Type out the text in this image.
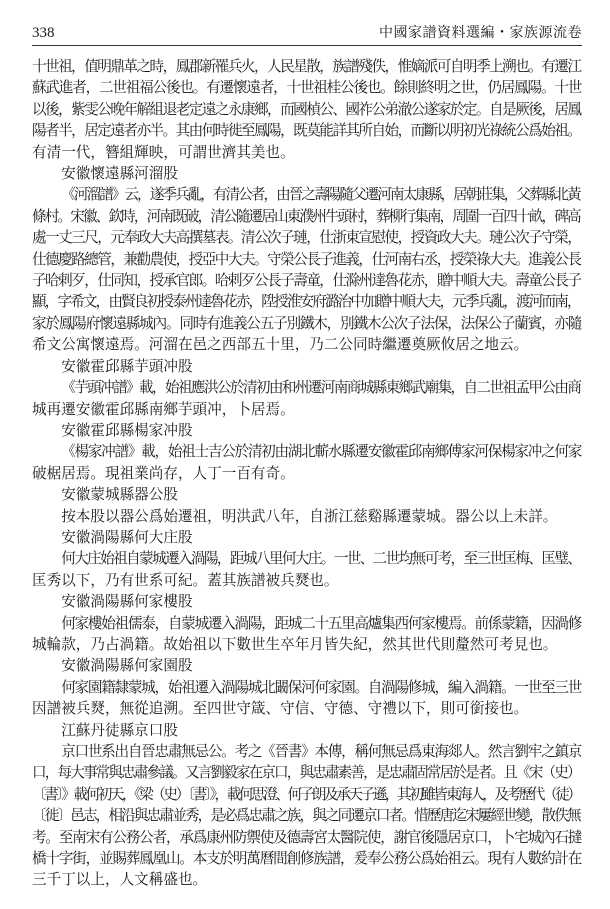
338	中國家譜資料選編・家族源流卷
十世祖，值明鼎革之時，鳳郡新罹兵火，人民星散，族譜殘佚，惟嫡派可自明季上溯也。有遷江
蘇武進者，二世祖福公後也。有遷懷遠者，十世祖桂公後也。餘則終明之世，仍居鳳陽。十世
以後，紫雯公晚年解組退老定遠之永康鄉，而國楨公、國祚公弟澈公遂家於定。自是厥後，居鳳
陽者半，居定遠者亦半。其由何時徙至鳳陽，既莫能詳其所自始，而斷以明初光祿統公爲始祖。
有清一代，簪組輝映，可謂世濟其美也。
安徽懷遠縣河溜股
《河溜譜》云，遂季兵亂，有清公者，由晉之壽陽隨父遷河南太康縣，居朝莊集，父葬縣北黃
條村。宋徽、欽時，河南既破，清公隨遷居山東濮州牛頭村，葬柳行集南，周圍一百四十畝，碑高
處一丈三尺，元奉政大夫高撰墓表。清公次子璉，仕浙東宣慰使，授資政大夫。璉公次子守榮，
仕德慶路總管，兼勸農使，授亞中大夫。守榮公長子進義，仕河南右丞，授榮祿大夫。進義公長
子哈剌歹，仕同知，授承官郎。哈剌歹公長子壽童，仕滁州達魯花赤，贈中順大夫。壽童公長子
顯，字希文，由賢良初授泰州達魯花赤，陞授淮安府潞治中加贈中順大夫，元季兵亂，渡河而南，
家於鳳陽府懷遠縣城內。同時有進義公五子別鐵木，別鐵木公次子法保，法保公子蘭賓，亦隨
希文公寓懷遠焉。河溜在邑之西部五十里，乃二公同時繼遷奠厥攸居之地云。
安徽霍邱縣芋頭冲股
《芋頭冲譜》載，始祖應洪公於清初由和州遷河南商城縣東鄉武廟集，自二世祖孟甲公由商
城再遷安徽霍邱縣南鄉芋頭冲，卜居焉。
安徽霍邱縣楊家冲股
《楊家冲譜》載，始祖士吉公於清初由湖北蘄水縣遷安徽霍邱南鄉傅家河保楊家冲之何家
破椐居焉。現祖業尚存，人丁一百有奇。
安徽蒙城縣器公股
按本股以器公爲始遷祖，明洪武八年，自浙江慈谿縣遷蒙城。器公以上未詳。
安徽渦陽縣何大庄股
何大庄始祖自蒙城遷入渦陽，距城八里何大庄。一世、二世均無可考，至三世匡梅、匡璧、
匡秀以下，乃有世系可紀。蓋其族譜被兵燹也。
安徽渦陽縣何家樓股
何家樓始祖儒泰，自蒙城遷入渦陽，距城二十五里高爐集西何家樓焉。前係蒙籍，因渦修
城輪款，乃占渦籍。故始祖以下數世生卒年月皆失紀，然其世代則釐然可考見也。
安徽渦陽縣何家園股
何家園籍隸蒙城，始祖遷入渦陽城北闞保河何家園。自渦陽修城，編入渦籍。一世至三世
因譜被兵燹，無從追溯。至四世守箴、守信、守德、守禮以下，則可銜接也。
江蘇丹徒縣京口股
京口世系出自晉忠肅無忌公。考之《晉書》本傳，稱何無忌爲東海郯人。然言劉牢之鎮京
口，每大事常與忠肅參議。又言劉毅家在京口，與忠肅素善，是忠肅固常居於是者。且《宋（史）
〔書〕》載何初天，《梁（史）〔書〕》，載何思澄、何子朗及承天子遜，其初雖皆東海人，及考歷代（徒）
〔徙〕邑志，相沿與忠肅並秀，是必爲忠肅之族，與之同遷京口者。惜歷唐迄宋屢經世變，散佚無
考。至南宋有公務公者，承爲康州防禦使及德壽宮太醫院使，謝官後隱居京口，卜宅城內石撻
橋十字街，並賜葬鳳凰山。本支於明萬曆間創修族譜，爰奉公務公爲始祖云。現有人數約計在
三千丁以上，人文稱盛也。
